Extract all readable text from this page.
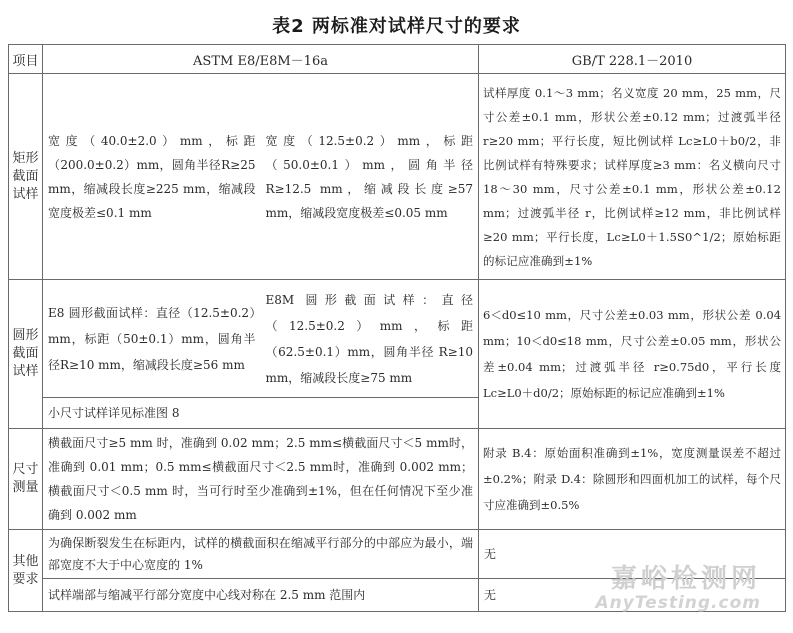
表2 两标准对试样尺寸的要求
项目	ASTM E8/E8M－16a		GB/T 228.1－2010
矩形截面试样	宽度（40.0±2.0）mm，标距（200.0±0.2）mm，圆角半径R≥25 mm，缩减段长度≥225 mm，缩减段宽度极差≤0.1 mm	宽度（12.5±0.2）mm，标距（50.0±0.1）mm，圆角半径R≥12.5 mm，缩减段长度≥57 mm，缩减段宽度极差≤0.05 mm	试样厚度 0.1～3 mm；名义宽度 20 mm，25 mm，尺寸公差±0.1 mm，形状公差±0.12 mm；过渡弧半径 r≥20 mm；平行长度，短比例试样 Lc≥L0＋b0/2，非比例试样有特殊要求；试样厚度≥3 mm：名义横向尺寸 18～30 mm，尺寸公差±0.1 mm，形状公差±0.12 mm；过渡弧半径 r，比例试样≥12 mm，非比例试样≥20 mm；平行长度，Lc≥L0＋1.5S0^1/2；原始标距的标记应准确到±1%

圆形截面试样	E8 圆形截面试样：直径（12.5±0.2）mm，标距（50±0.1）mm，圆角半径R≥10 mm，缩减段长度≥56 mm	E8M 圆形截面试样：直径（12.5±0.2）mm，标距（62.5±0.1）mm，圆角半径 R≥10 mm，缩减段长度≥75 mm	6＜d0≤10 mm，尺寸公差±0.03 mm，形状公差 0.04 mm；10＜d0≤18 mm，尺寸公差±0.05 mm，形状公差±0.04 mm；过渡弧半径 r≥0.75d0，平行长度 Lc≥L0＋d0/2；原始标距的标记应准确到±1%

	小尺寸试样详见标准图 8		

尺寸测量	横截面尺寸≥5 mm 时，准确到 0.02 mm；2.5 mm≤横截面尺寸＜5 mm时，准确到 0.01 mm；0.5 mm≤横截面尺寸＜2.5 mm时，准确到 0.002 mm；横截面尺寸＜0.5 mm 时，当可行时至少准确到±1%，但在任何情况下至少准确到 0.002 mm		附录 B.4：原始面积准确到±1%，宽度测量误差不超过±0.2%；附录 D.4：除圆形和四面机加工的试样，每个尺寸应准确到±0.5%

其他要求	为确保断裂发生在标距内，试样的横截面积在缩减平行部分的中部应为最小，端部宽度不大于中心宽度的 1%		无

	试样端部与缩减平行部分宽度中心线对称在 2.5 mm 范围内		无
嘉峪检测网
AnyTesting.com
